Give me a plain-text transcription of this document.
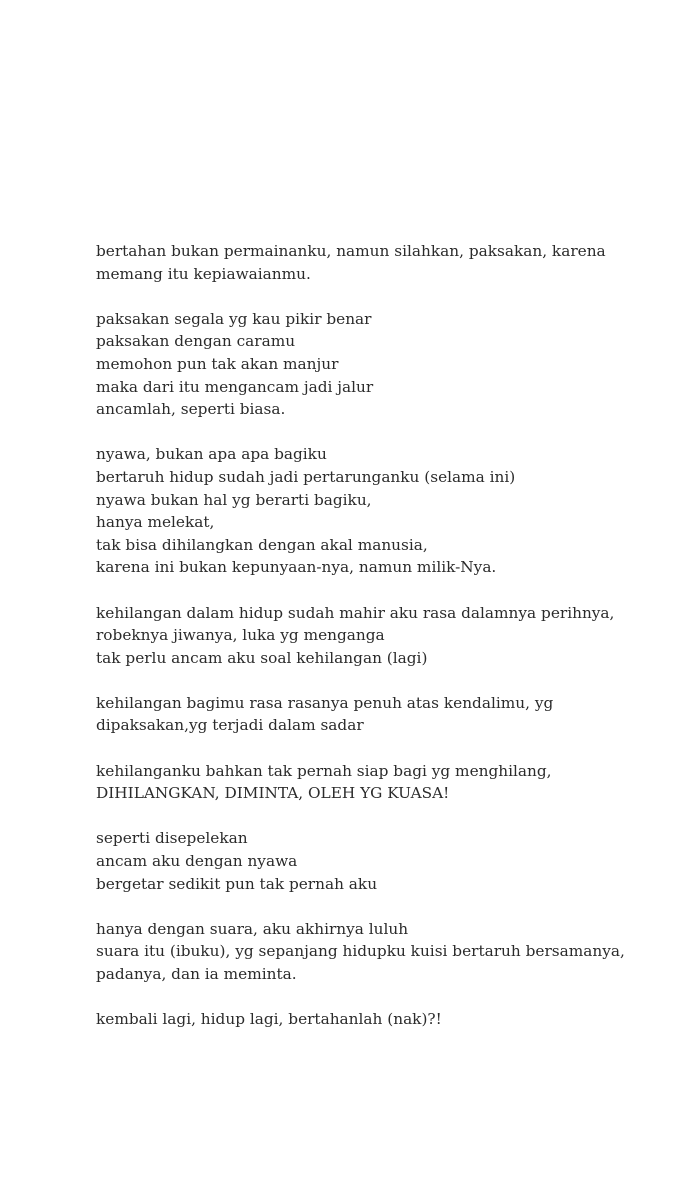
bertahan bukan permainanku, namun silahkan, paksakan, karena
memang itu kepiawaianmu.
paksakan segala yg kau pikir benar
paksakan dengan caramu
memohon pun tak akan manjur
maka dari itu mengancam jadi jalur
ancamlah, seperti biasa.
nyawa, bukan apa apa bagiku
bertaruh hidup sudah jadi pertarunganku (selama ini)
nyawa bukan hal yg berarti bagiku,
hanya melekat,
tak bisa dihilangkan dengan akal manusia,
karena ini bukan kepunyaan-nya, namun milik-Nya.
kehilangan dalam hidup sudah mahir aku rasa dalamnya perihnya,
robeknya jiwanya, luka yg menganga
tak perlu ancam aku soal kehilangan (lagi)
kehilangan bagimu rasa rasanya penuh atas kendalimu, yg
dipaksakan,yg terjadi dalam sadar
kehilanganku bahkan tak pernah siap bagi yg menghilang,
DIHILANGKAN, DIMINTA, OLEH YG KUASA!
seperti disepelekan
ancam aku dengan nyawa
bergetar sedikit pun tak pernah aku
hanya dengan suara, aku akhirnya luluh
suara itu (ibuku), yg sepanjang hidupku kuisi bertaruh bersamanya,
padanya, dan ia meminta.
kembali lagi, hidup lagi, bertahanlah (nak)?!
